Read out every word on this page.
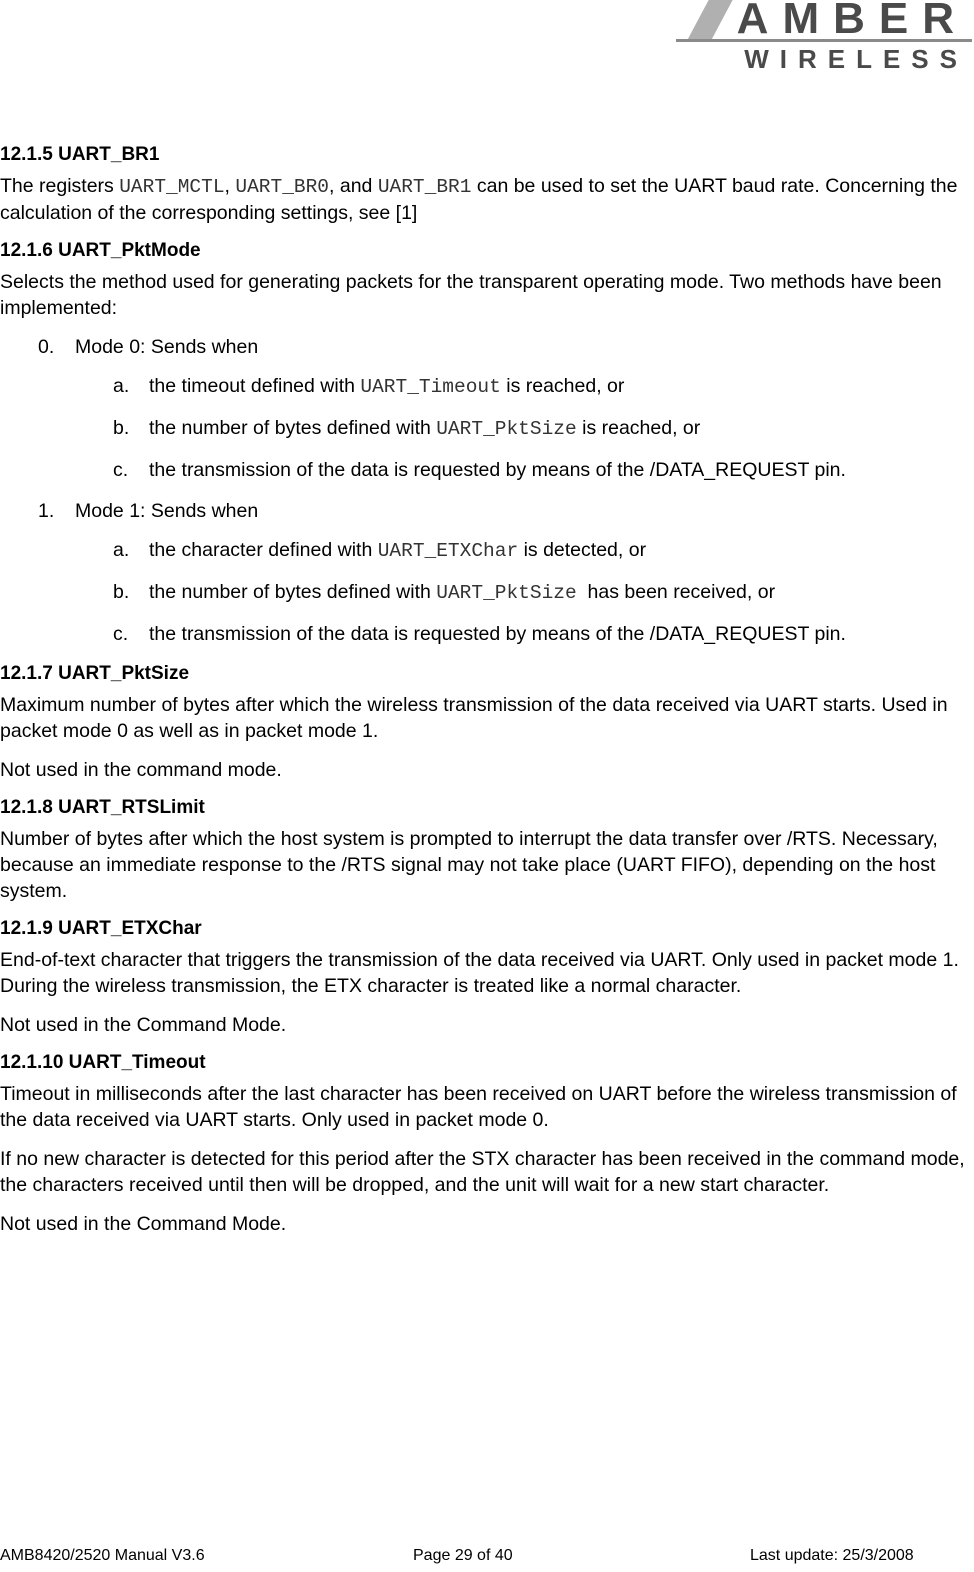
AMBER
WIRELESS
12.1.5 UART_BR1

The registers UART_MCTL, UART_BR0, and UART_BR1 can be used to set the UART baud rate. Concerning the calculation of the corresponding settings, see [1]

12.1.6 UART_PktMode

Selects the method used for generating packets for the transparent operating mode. Two methods have been implemented:

0. Mode 0: Sends when
a. the timeout defined with UART_Timeout is reached, or
b. the number of bytes defined with UART_PktSize is reached, or
c. the transmission of the data is requested by means of the /DATA_REQUEST pin.
1. Mode 1: Sends when
a. the character defined with UART_ETXChar is detected, or
b. the number of bytes defined with UART_PktSize  has been received, or
c. the transmission of the data is requested by means of the /DATA_REQUEST pin.
12.1.7 UART_PktSize

Maximum number of bytes after which the wireless transmission of the data received via UART starts. Used in packet mode 0 as well as in packet mode 1.

Not used in the command mode.

12.1.8 UART_RTSLimit

Number of bytes after which the host system is prompted to interrupt the data transfer over /RTS. Necessary, because an immediate response to the /RTS signal may not take place (UART FIFO), depending on the host system.

12.1.9 UART_ETXChar

End-of-text character that triggers the transmission of the data received via UART. Only used in packet mode 1. During the wireless transmission, the ETX character is treated like a normal character.

Not used in the Command Mode.

12.1.10 UART_Timeout

Timeout in milliseconds after the last character has been received on UART before the wireless transmission of the data received via UART starts. Only used in packet mode 0.

If no new character is detected for this period after the STX character has been received in the command mode, the characters received until then will be dropped, and the unit will wait for a new start character.

Not used in the Command Mode.

AMB8420/2520 Manual V3.6	Page 29 of 40	Last update: 25/3/2008
